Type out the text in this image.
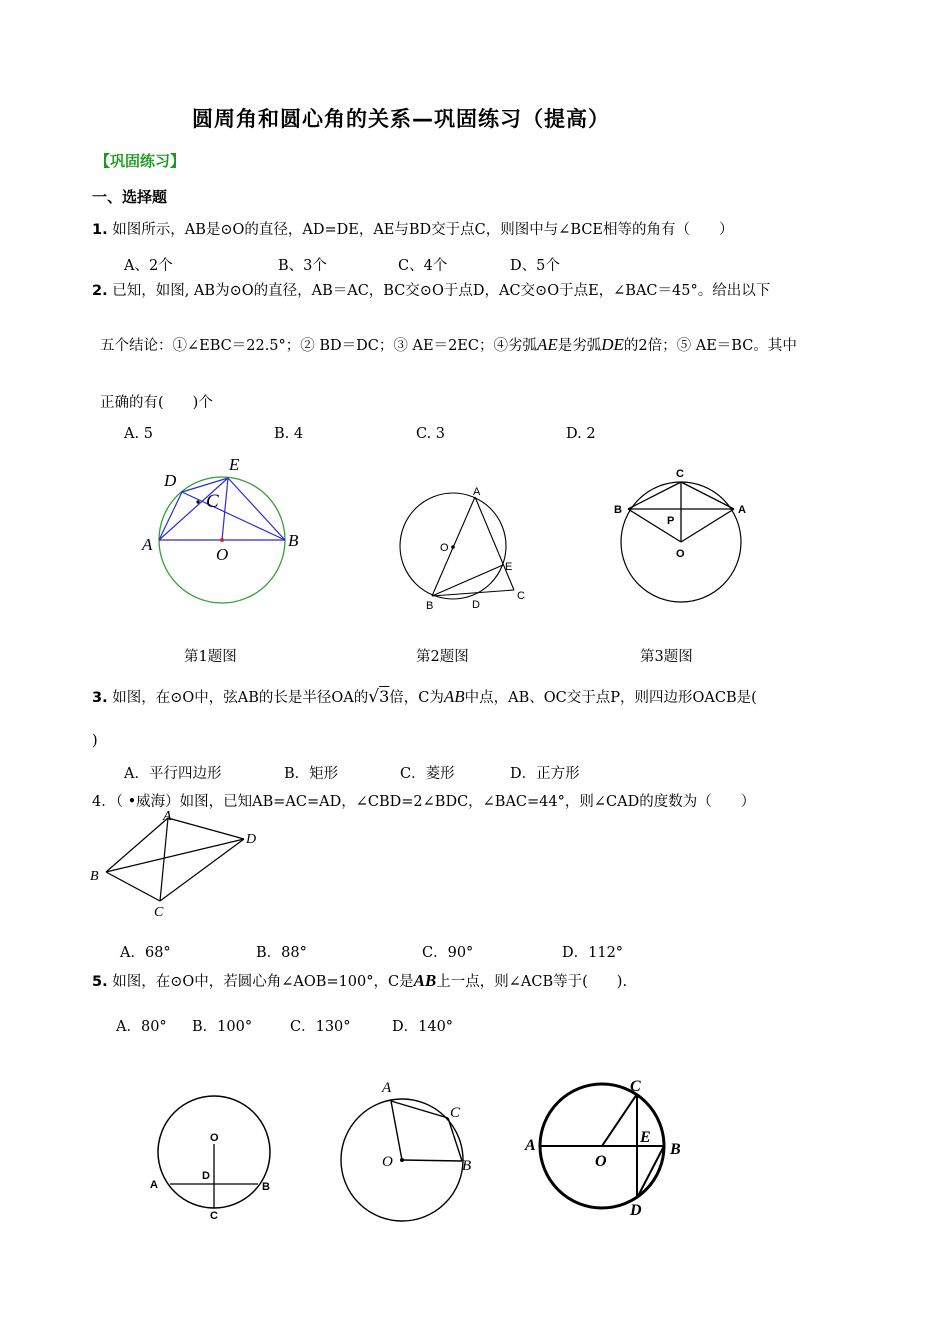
圆周角和圆心角的关系—巩固练习（提高）
【巩固练习】
一、选择题
1. 如图所示，AB是⊙O的直径，AD=DE，AE与BD交于点C，则图中与∠BCE相等的角有（　　）
A、2个	B、3个	C、4个	D、5个
2. 已知，如图, AB为⊙O的直径，AB＝AC，BC交⊙O于点D，AC交⊙O于点E，∠BAC＝45°。给出以下
五个结论：①∠EBC＝22.5°；② BD＝DC；③ AE＝2EC；④劣弧AE是劣弧DE的2倍；⑤ AE＝BC。其中
正确的有(　　)个
A. 5	B. 4	C. 3	D. 2
D
E
C
A
O
B
A
O
E
B	D
C
C
B	A
P
O
第1题图	第2题图	第3题图
3. 如图，在⊙O中，弦AB的长是半径OA的√3倍，C为AB中点，AB、OC交于点P，则四边形OACB是(
)
A．平行四边形	B．矩形	C．菱形	D．正方形
4．（ •威海）如图，已知AB=AC=AD，∠CBD=2∠BDC，∠BAC=44°，则∠CAD的度数为（　　）
A
D
B
C
A．68°	B．88°	C．90°	D．112°
5. 如图，在⊙O中，若圆心角∠AOB=100°，C是AB上一点，则∠ACB等于(　　).
A．80° B．100°	C．130°	D．140°
O
D
A	B
C
A
C
O	B
C
A	E
B
O
D
